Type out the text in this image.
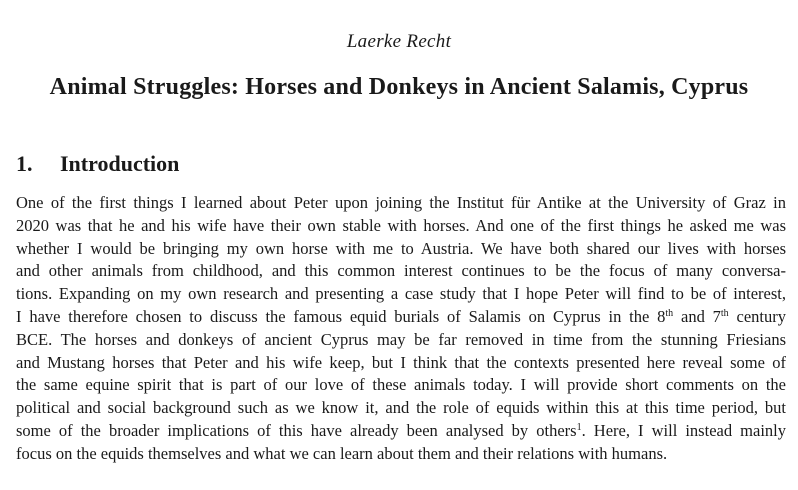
Laerke Recht
Animal Struggles: Horses and Donkeys in Ancient Salamis, Cyprus
1. Introduction
One of the first things I learned about Peter upon joining the Institut für Antike at the University of Graz in
2020 was that he and his wife have their own stable with horses. And one of the first things he asked me was
whether I would be bringing my own horse with me to Austria. We have both shared our lives with horses
and other animals from childhood, and this common interest continues to be the focus of many conversa-
tions. Expanding on my own research and presenting a case study that I hope Peter will find to be of interest,
I have therefore chosen to discuss the famous equid burials of Salamis on Cyprus in the 8th and 7th century
BCE. The horses and donkeys of ancient Cyprus may be far removed in time from the stunning Friesians
and Mustang horses that Peter and his wife keep, but I think that the contexts presented here reveal some of
the same equine spirit that is part of our love of these animals today. I will provide short comments on the
political and social background such as we know it, and the role of equids within this at this time period, but
some of the broader implications of this have already been analysed by others$^1$. Here, I will instead mainly
focus on the equids themselves and what we can learn about them and their relations with humans.
